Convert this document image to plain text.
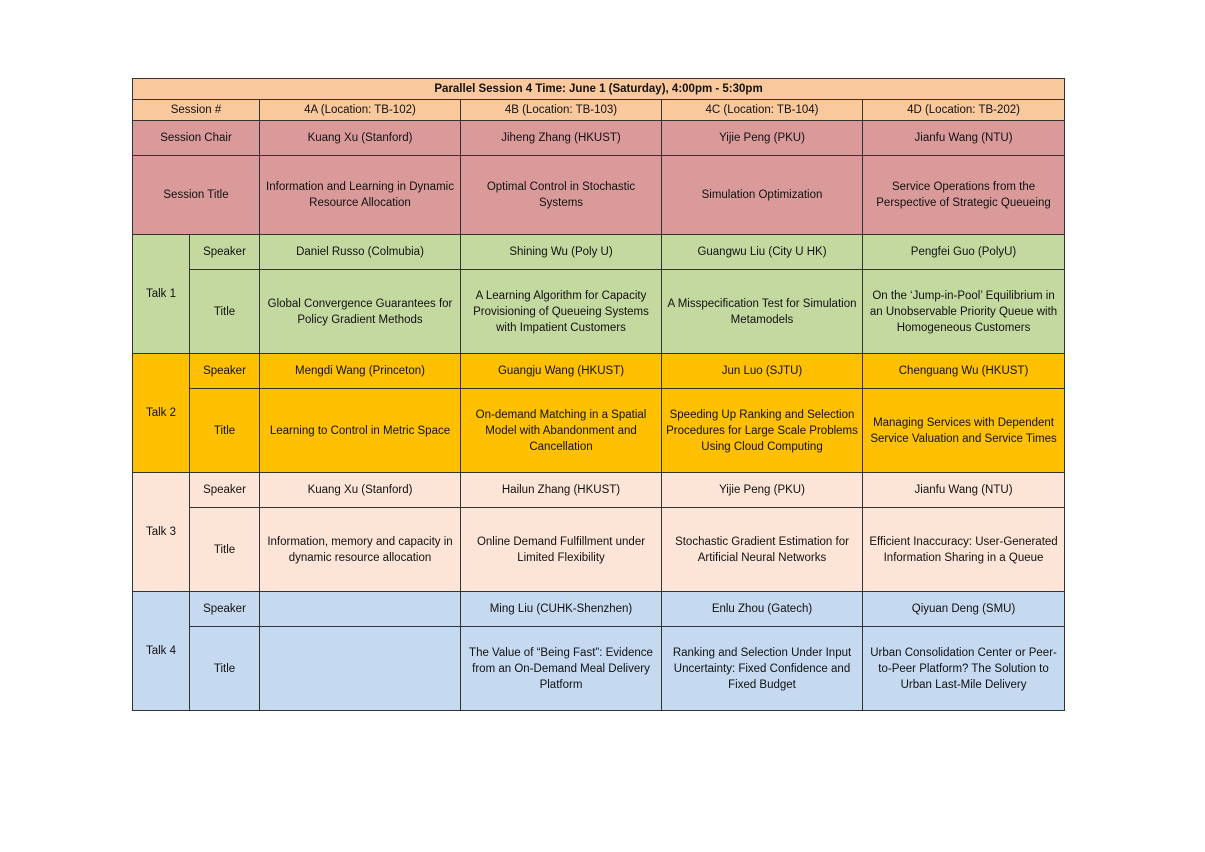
Parallel Session 4 Time: June 1 (Saturday), 4:00pm - 5:30pm					
Session #		4A (Location: TB-102)	4B (Location: TB-103)	4C (Location: TB-104)	4D (Location: TB-202)
Session Chair		Kuang Xu (Stanford)	Jiheng Zhang (HKUST)	Yijie Peng (PKU)	Jianfu Wang (NTU)
Session Title		Information and Learning in Dynamic Resource Allocation	Optimal Control in Stochastic Systems	Simulation Optimization	Service Operations from the Perspective of Strategic Queueing
Talk 1	Speaker	Daniel Russo (Colmubia)	Shining Wu (Poly U)	Guangwu Liu (City U HK)	Pengfei Guo (PolyU)
	Title	Global Convergence Guarantees for Policy Gradient Methods	A Learning Algorithm for Capacity Provisioning of Queueing Systems with Impatient Customers	A Misspecification Test for Simulation Metamodels	On the ‘Jump-in-Pool’ Equilibrium in an Unobservable Priority Queue with Homogeneous Customers
Talk 2	Speaker	Mengdi Wang (Princeton)	Guangju Wang (HKUST)	Jun Luo (SJTU)	Chenguang Wu (HKUST)
	Title	Learning to Control in Metric Space	On-demand Matching in a Spatial Model with Abandonment and Cancellation	Speeding Up Ranking and Selection Procedures for Large Scale Problems Using Cloud Computing	Managing Services with Dependent Service Valuation and Service Times
Talk 3	Speaker	Kuang Xu (Stanford)	Hailun Zhang (HKUST)	Yijie Peng (PKU)	Jianfu Wang (NTU)
	Title	Information, memory and capacity in dynamic resource allocation	Online Demand Fulfillment under Limited Flexibility	Stochastic Gradient Estimation for Artificial Neural Networks	Efficient Inaccuracy: User-Generated Information Sharing in a Queue
Talk 4	Speaker		Ming Liu (CUHK-Shenzhen)	Enlu Zhou (Gatech)	Qiyuan Deng (SMU)
	Title		The Value of “Being Fast”: Evidence from an On-Demand Meal Delivery Platform	Ranking and Selection Under Input Uncertainty: Fixed Confidence and Fixed Budget	Urban Consolidation Center or Peer-to-Peer Platform? The Solution to Urban Last-Mile Delivery
